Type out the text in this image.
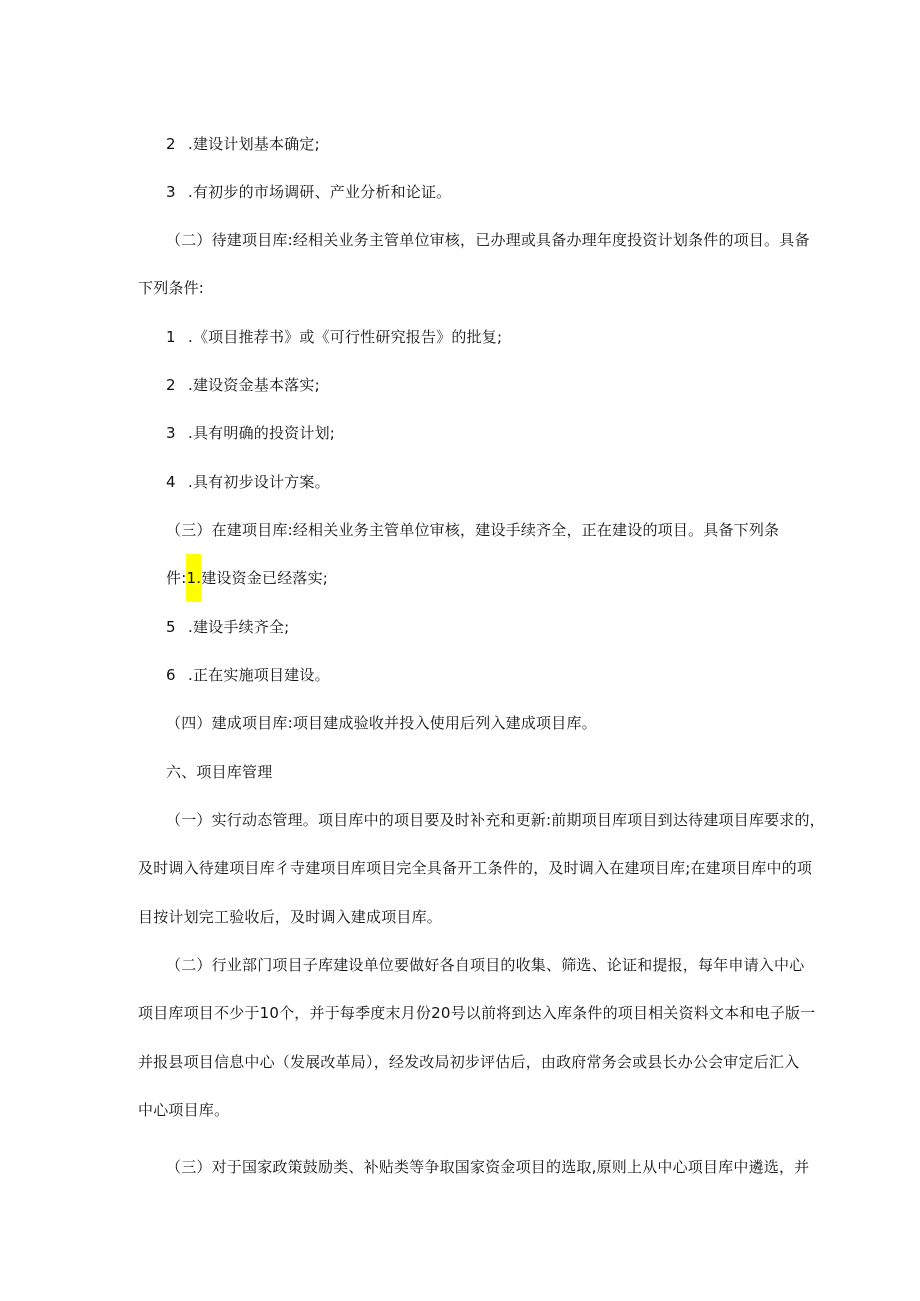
2 .建设计划基本确定;
3 .有初步的市场调研、产业分析和论证。
（二）待建项目库:经相关业务主管单位审核，已办理或具备办理年度投资计划条件的项目。具备
下列条件:
1 .《项目推荐书》或《可行性研究报告》的批复;
2 .建设资金基本落实;
3 .具有明确的投资计划;
4 .具有初步设计方案。
（三）在建项目库:经相关业务主管单位审核，建设手续齐全，正在建设的项目。具备下列条
件:1.建设资金已经落实;
5 .建设手续齐全;
6 .正在实施项目建设。
（四）建成项目库:项目建成验收并投入使用后列入建成项目库。
六、项目库管理
（一）实行动态管理。项目库中的项目要及时补充和更新:前期项目库项目到达待建项目库要求的，
及时调入待建项目库彳寺建项目库项目完全具备开工条件的，及时调入在建项目库;在建项目库中的项
目按计划完工验收后，及时调入建成项目库。
（二）行业部门项目子库建设单位要做好各自项目的收集、筛选、论证和提报，每年申请入中心
项目库项目不少于10个，并于每季度末月份20号以前将到达入库条件的项目相关资料文本和电子版一
并报县项目信息中心（发展改革局），经发改局初步评估后，由政府常务会或县长办公会审定后汇入
中心项目库。
（三）对于国家政策鼓励类、补贴类等争取国家资金项目的选取,原则上从中心项目库中遴选，并
